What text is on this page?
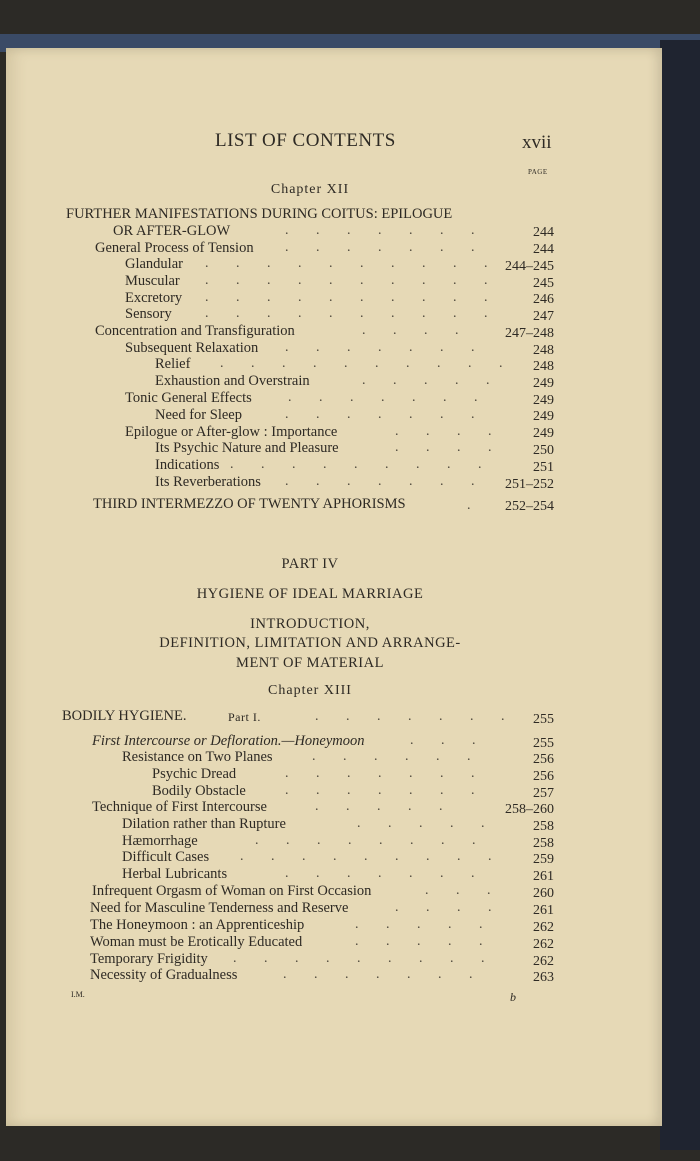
LIST OF CONTENTS	xvii
PAGE
Chapter XII
FURTHER MANIFESTATIONS DURING COITUS: EPILOGUE
OR AFTER-GLOW	. . . . . . .	244
General Process of Tension . . . . . . .	244
Glandular . . . . . . . . . . 244–245
Muscular . . . . . . . . . .	245
Excretory . . . . . . . . . .	246
Sensory . . . . . . . . . .	247
Concentration and Transfiguration	. . . .	247–248
Subsequent Relaxation . . . . . . .	248
Relief . . . . . . . . . .	248
Exhaustion and Overstrain	. . . . .	249
Tonic General Effects	. . . . . . .	249
Need for Sleep	. . . . . . .	249
Epilogue or After-glow : Importance	. . . .	249
Its Psychic Nature and Pleasure	. . . .	250
Indications . . . . . . . . .	251
Its Reverberations . . . . . . .	251–252
THIRD INTERMEZZO OF TWENTY APHORISMS	.	252–254
PART IV
HYGIENE OF IDEAL MARRIAGE
INTRODUCTION,
DEFINITION, LIMITATION AND ARRANGE-
MENT OF MATERIAL
Chapter XIII
BODILY HYGIENE.	Part I.	. . . . . . .	255
First Intercourse or Defloration.—Honeymoon	. . .	255
Resistance on Two Planes	. . . . . .	256
Psychic Dread	. . . . . . .	256
Bodily Obstacle	. . . . . . .	257
Technique of First Intercourse	. . . . .	258–260
Dilation rather than Rupture	. . . . .	258
Hæmorrhage	. . . . . . . .	258
Difficult Cases . . . . . . . . .	259
Herbal Lubricants	. . . . . . .	261
Infrequent Orgasm of Woman on First Occasion	. . .	260
Need for Masculine Tenderness and Reserve	. . . .	261
The Honeymoon : an Apprenticeship	. . . . .	262
Woman must be Erotically Educated	. . . . .	262
Temporary Frigidity . . . . . . . . .	262
Necessity of Gradualness	. . . . . . .	263
I.M.	b
